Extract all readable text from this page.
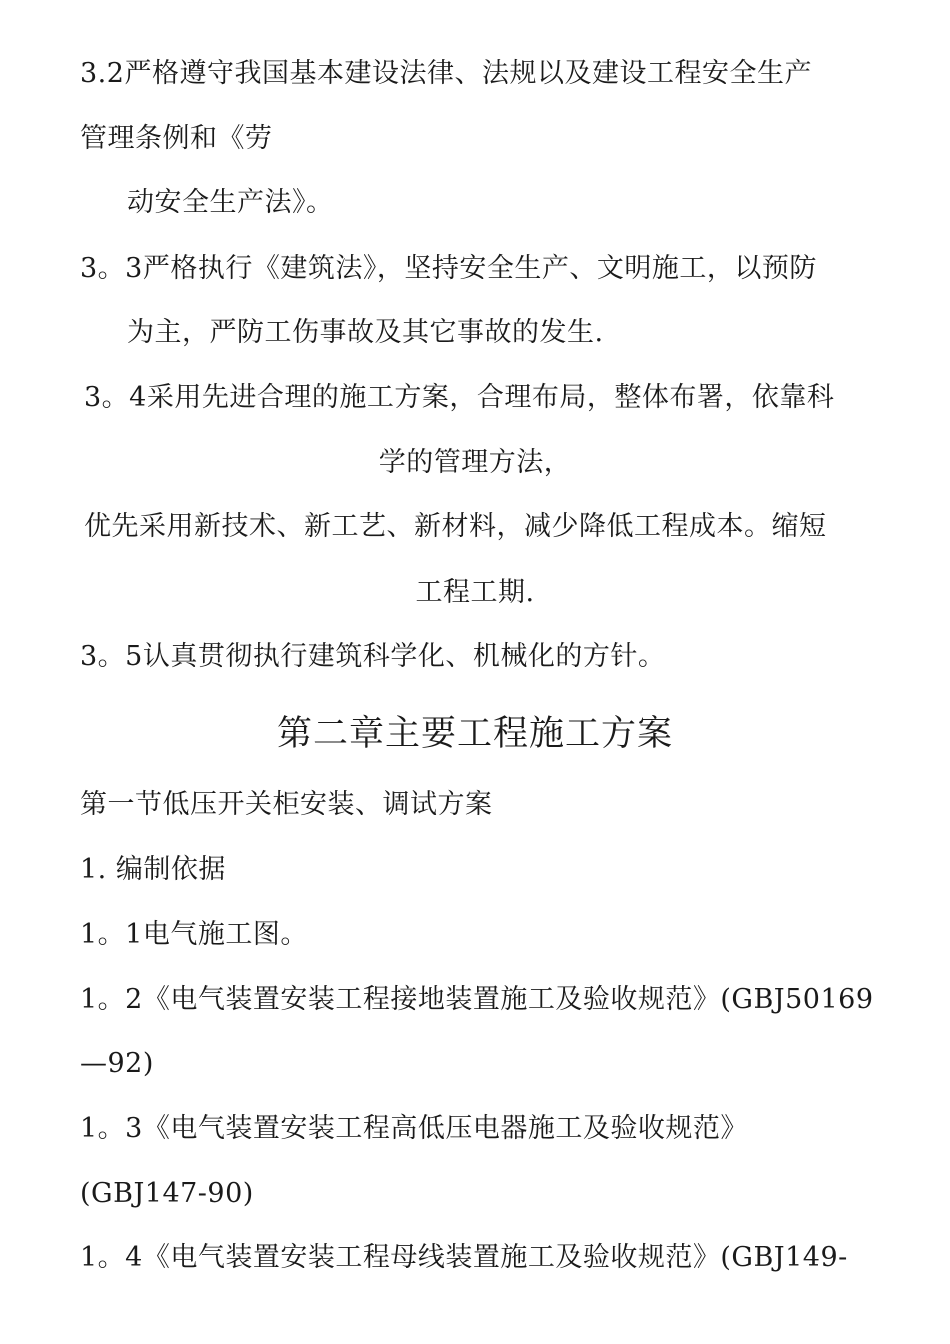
3.2严格遵守我国基本建设法律、法规以及建设工程安全生产
管理条例和《劳
动安全生产法》。
3。3严格执行《建筑法》，坚持安全生产、文明施工，以预防
为主，严防工伤事故及其它事故的发生.
3。4采用先进合理的施工方案，合理布局，整体布署，依靠科
学的管理方法，
优先采用新技术、新工艺、新材料，减少降低工程成本。缩短
工程工期.
3。5认真贯彻执行建筑科学化、机械化的方针。
第二章主要工程施工方案
第一节低压开关柜安装、调试方案
1. 编制依据
1。1电气施工图。
1。2《电气装置安装工程接地装置施工及验收规范》(GBJ50169
—92)
1。3《电气装置安装工程高低压电器施工及验收规范》
(GBJ147-90)
1。4《电气装置安装工程母线装置施工及验收规范》(GBJ149-
